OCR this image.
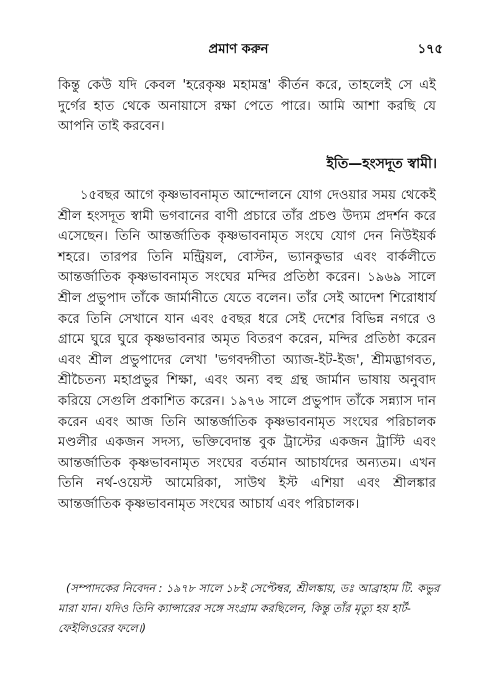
প্রমাণ করুন	১৭৫

কিন্তু কেউ যদি কেবল 'হরেকৃষ্ণ মহামন্ত্র' কীর্তন করে, তাহলেই সে এই দুর্গের হাত থেকে অনায়াসে রক্ষা পেতে পারে। আমি আশা করছি যে আপনি তাই করবেন।

ইতি—হংসদূত স্বামী।

১৫বছর আগে কৃষ্ণভাবনামৃত আন্দোলনে যোগ দেওয়ার সময় থেকেই শ্রীল হংসদূত স্বামী ভগবানের বাণী প্রচারে তাঁর প্রচণ্ড উদ্যম প্রদর্শন করে এসেছেন। তিনি আন্তর্জাতিক কৃষ্ণভাবনামৃত সংঘে যোগ দেন নিউইয়র্ক শহরে। তারপর তিনি মন্ট্রিয়ল, বোস্টন, ভ্যানকুভার এবং বার্কলীতে আন্তর্জাতিক কৃষ্ণভাবনামৃত সংঘের মন্দির প্রতিষ্ঠা করেন। ১৯৬৯ সালে শ্রীল প্রভুপাদ তাঁকে জার্মানীতে যেতে বলেন। তাঁর সেই আদেশ শিরোধার্য করে তিনি সেখানে যান এবং ৫বছর ধরে সেই দেশের বিভিন্ন নগরে ও গ্রামে ঘুরে ঘুরে কৃষ্ণভাবনার অমৃত বিতরণ করেন, মন্দির প্রতিষ্ঠা করেন এবং শ্রীল প্রভুপাদের লেখা 'ভগবদ্গীতা অ্যাজ-ইট-ইজ', শ্রীমদ্ভাগবত, শ্রীচৈতন্য মহাপ্রভুর শিক্ষা, এবং অন্য বহু গ্রন্থ জার্মান ভাষায় অনুবাদ করিয়ে সেগুলি প্রকাশিত করেন। ১৯৭৬ সালে প্রভুপাদ তাঁকে সন্ন্যাস দান করেন এবং আজ তিনি আন্তর্জাতিক কৃষ্ণভাবনামৃত সংঘের পরিচালক মণ্ডলীর একজন সদস্য, ভক্তিবেদান্ত বুক ট্রাস্টের একজন ট্রাস্টি এবং আন্তর্জাতিক কৃষ্ণভাবনামৃত সংঘের বর্তমান আচার্যদের অন্যতম। এখন তিনি নর্থ-ওয়েস্ট আমেরিকা, সাউথ ইস্ট এশিয়া এবং শ্রীলঙ্কার আন্তর্জাতিক কৃষ্ণভাবনামৃত সংঘের আচার্য এবং পরিচালক।

(সম্পাদকের নিবেদন : ১৯৭৮ সালে ১৮ই সেপ্টেম্বর, শ্রীলঙ্কায়, ডঃ আব্রাহাম টি. কভুর মারা যান। যদিও তিনি ক্যান্সারের সঙ্গে সংগ্রাম করছিলেন, কিন্তু তাঁর মৃত্যু হয় হার্ট-ফেইলিওরের ফলে।)
